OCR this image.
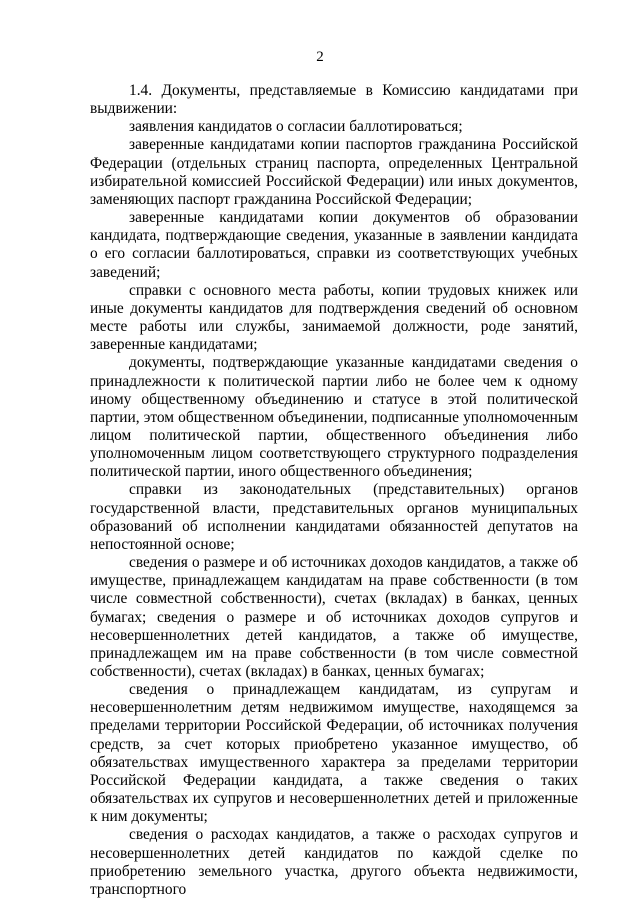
2

1.4. Документы, представляемые в Комиссию кандидатами при выдвижении:

заявления кандидатов о согласии баллотироваться;

заверенные кандидатами копии паспортов гражданина Российской Федерации (отдельных страниц паспорта, определенных Центральной избирательной комиссией Российской Федерации) или иных документов, заменяющих паспорт гражданина Российской Федерации;

заверенные кандидатами копии документов об образовании кандидата, подтверждающие сведения, указанные в заявлении кандидата о его согласии баллотироваться, справки из соответствующих учебных заведений;

справки с основного места работы, копии трудовых книжек или иные документы кандидатов для подтверждения сведений об основном месте работы или службы, занимаемой должности, роде занятий, заверенные кандидатами;

документы, подтверждающие указанные кандидатами сведения о принадлежности к политической партии либо не более чем к одному иному общественному объединению и статусе в этой политической партии, этом общественном объединении, подписанные уполномоченным лицом политической партии, общественного объединения либо уполномоченным лицом соответствующего структурного подразделения политической партии, иного общественного объединения;

справки из законодательных (представительных) органов государственной власти, представительных органов муниципальных образований об исполнении кандидатами обязанностей депутатов на непостоянной основе;

сведения о размере и об источниках доходов кандидатов, а также об имуществе, принадлежащем кандидатам на праве собственности (в том числе совместной собственности), счетах (вкладах) в банках, ценных бумагах; сведения о размере и об источниках доходов супругов и несовершеннолетних детей кандидатов, а также об имуществе, принадлежащем им на праве собственности (в том числе совместной собственности), счетах (вкладах) в банках, ценных бумагах;

сведения о принадлежащем кандидатам, из супругам и несовершеннолетним детям недвижимом имуществе, находящемся за пределами территории Российской Федерации, об источниках получения средств, за счет которых приобретено указанное имущество, об обязательствах имущественного характера за пределами территории Российской Федерации кандидата, а также сведения о таких обязательствах их супругов и несовершеннолетних детей и приложенные к ним документы;

сведения о расходах кандидатов, а также о расходах супругов и несовершеннолетних детей кандидатов по каждой сделке по приобретению земельного участка, другого объекта недвижимости, транспортного
